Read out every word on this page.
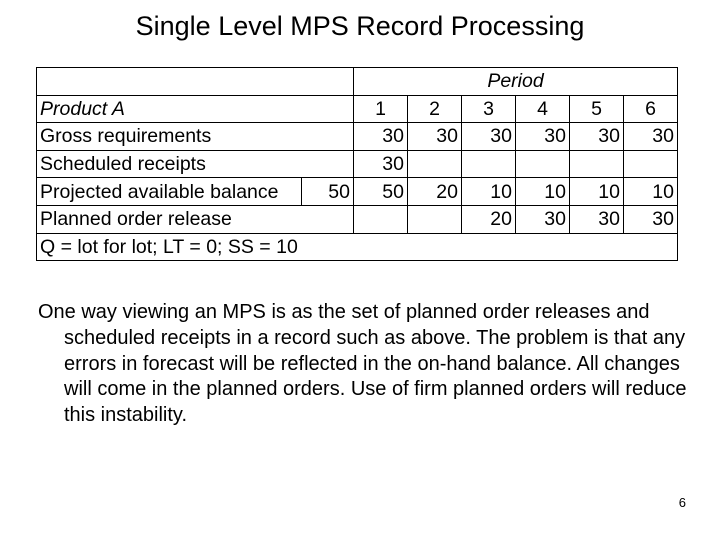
Single Level MPS Record Processing
		Period					
Product A		1	2	3	4	5	6
Gross requirements		30	30	30	30	30	30
Scheduled receipts		30					
Projected available balance	50	50	20	10	10	10	10
Planned order release				20	30	30	30
Q = lot for lot; LT = 0; SS = 10							
One way viewing an MPS is as the set of planned order releases and scheduled receipts in a record such as above. The problem is that any errors in forecast will be reflected in the on-hand balance. All changes will come in the planned orders. Use of firm planned orders will reduce this instability.
6
